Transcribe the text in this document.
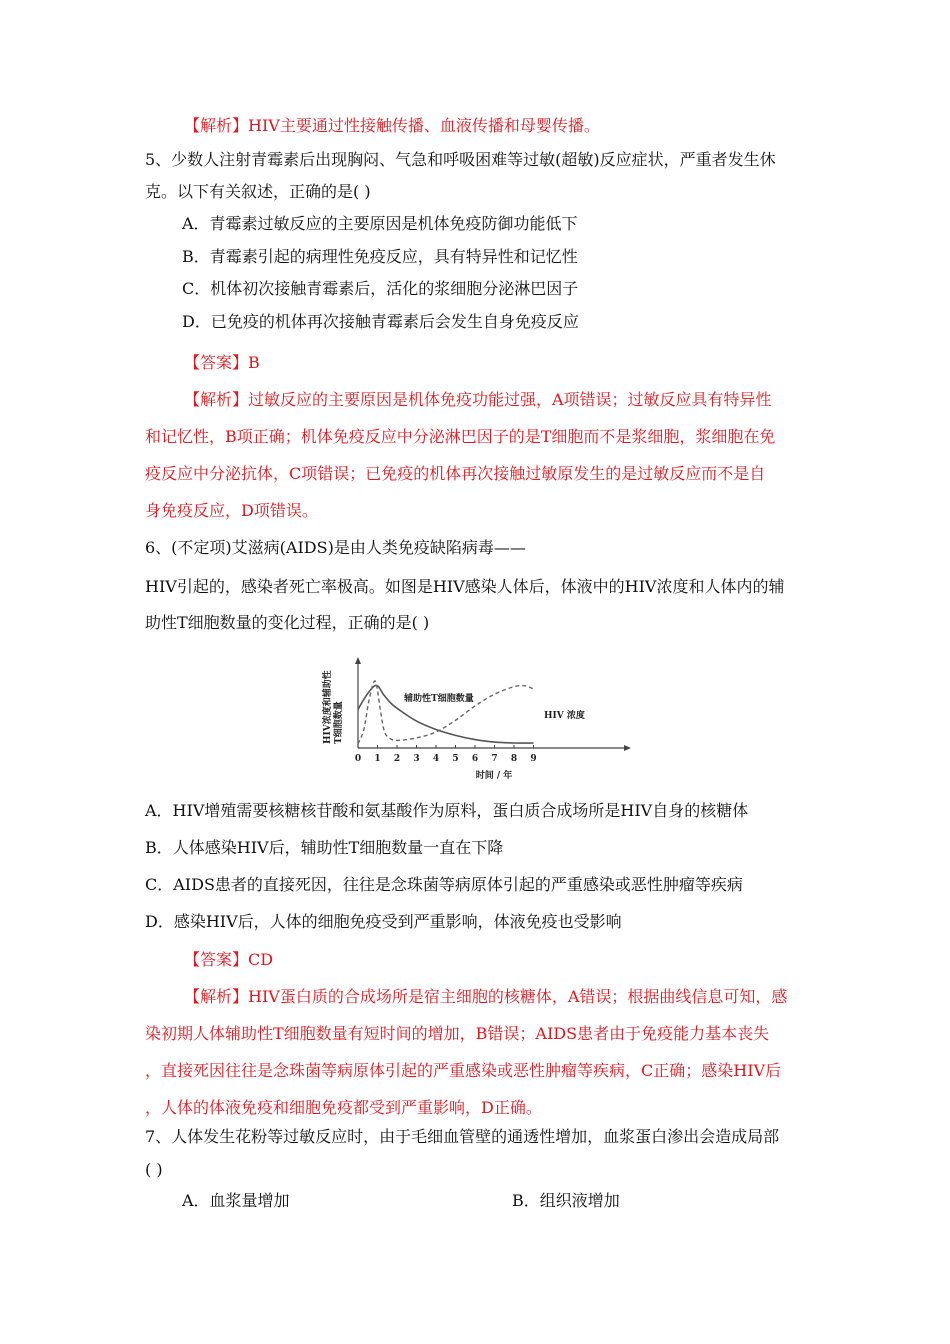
【解析】HIV主要通过性接触传播、血液传播和母婴传播。
5、少数人注射青霉素后出现胸闷、气急和呼吸困难等过敏(超敏)反应症状，严重者发生休
克。以下有关叙述，正确的是( )
A．青霉素过敏反应的主要原因是机体免疫防御功能低下
B．青霉素引起的病理性免疫反应，具有特异性和记忆性
C．机体初次接触青霉素后，活化的浆细胞分泌淋巴因子
D．已免疫的机体再次接触青霉素后会发生自身免疫反应
【答案】B
【解析】过敏反应的主要原因是机体免疫功能过强，A项错误；过敏反应具有特异性
和记忆性，B项正确；机体免疫反应中分泌淋巴因子的是T细胞而不是浆细胞，浆细胞在免
疫反应中分泌抗体，C项错误；已免疫的机体再次接触过敏原发生的是过敏反应而不是自
身免疫反应，D项错误。
6、(不定项)艾滋病(AIDS)是由人类免疫缺陷病毒——
HIV引起的，感染者死亡率极高。如图是HIV感染人体后，体液中的HIV浓度和人体内的辅
助性T细胞数量的变化过程，正确的是( )
HIV浓度和辅助性 T细胞数量
0 1 2 3 4 5 6 7 8 9
辅助性T细胞数量
HIV 浓度
时间 / 年
A．HIV增殖需要核糖核苷酸和氨基酸作为原料，蛋白质合成场所是HIV自身的核糖体
B．人体感染HIV后，辅助性T细胞数量一直在下降
C．AIDS患者的直接死因，往往是念珠菌等病原体引起的严重感染或恶性肿瘤等疾病
D．感染HIV后，人体的细胞免疫受到严重影响，体液免疫也受影响
【答案】CD
【解析】HIV蛋白质的合成场所是宿主细胞的核糖体，A错误；根据曲线信息可知，感
染初期人体辅助性T细胞数量有短时间的增加，B错误；AIDS患者由于免疫能力基本丧失
，直接死因往往是念珠菌等病原体引起的严重感染或恶性肿瘤等疾病，C正确；感染HIV后
，人体的体液免疫和细胞免疫都受到严重影响，D正确。
7、人体发生花粉等过敏反应时，由于毛细血管壁的通透性增加，血浆蛋白渗出会造成局部
( )
A．血浆量增加	B．组织液增加
